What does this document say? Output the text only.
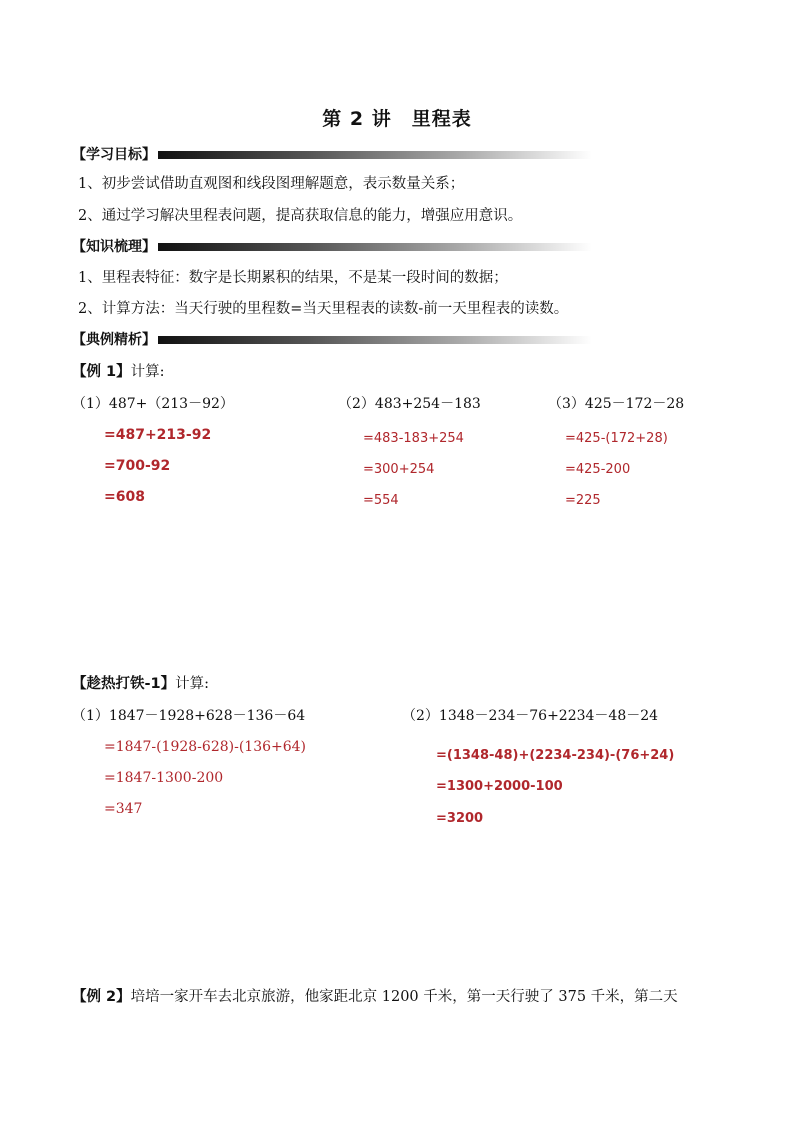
第 2 讲　里程表
【学习目标】
1、初步尝试借助直观图和线段图理解题意，表示数量关系；
2、通过学习解决里程表问题，提高获取信息的能力，增强应用意识。
【知识梳理】
1、里程表特征：数字是长期累积的结果，不是某一段时间的数据；
2、计算方法：当天行驶的里程数=当天里程表的读数-前一天里程表的读数。
【典例精析】
【例 1】计算:
（1）487+（213－92）
=487+213-92
=700-92
=608
（2）483+254－183
=483-183+254
=300+254
=554
（3）425－172－28
=425-(172+28)
=425-200
=225
【趁热打铁-1】计算:
（1）1847－1928+628－136－64
=1847-(1928-628)-(136+64)
=1847-1300-200
=347
（2）1348－234－76+2234－48－24
=(1348-48)+(2234-234)-(76+24)
=1300+2000-100
=3200
【例 2】培培一家开车去北京旅游，他家距北京 1200 千米，第一天行驶了 375 千米，第二天
